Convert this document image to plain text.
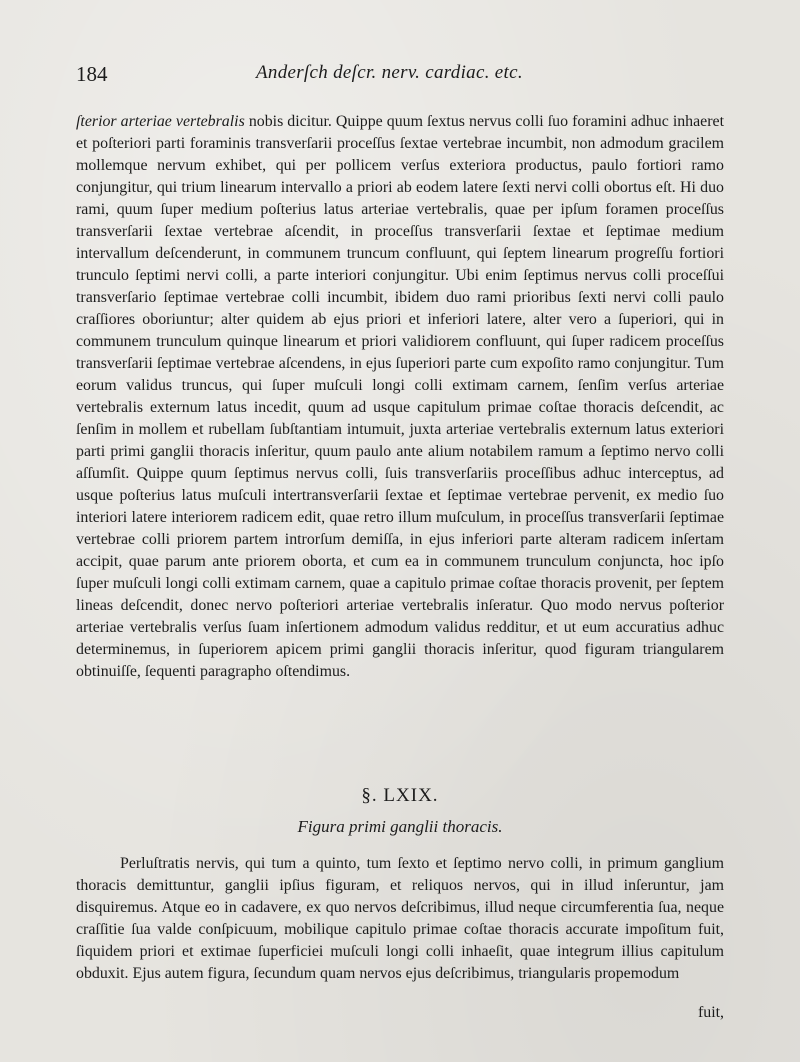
184	Anderſch deſcr. nerv. cardiac. etc.

ſterior arteriae vertebralis nobis dicitur. Quippe quum ſextus nervus colli ſuo foramini adhuc inhaeret et poſteriori parti foraminis transverſarii proceſſus ſextae vertebrae incumbit, non admodum gracilem mollemque nervum exhibet, qui per pollicem verſus exteriora productus, paulo fortiori ramo conjungitur, qui trium linearum intervallo a priori ab eodem latere ſexti nervi colli obortus eſt. Hi duo rami, quum ſuper medium poſterius latus arteriae vertebralis, quae per ipſum foramen proceſſus transverſarii ſextae vertebrae aſcendit, in proceſſus transverſarii ſextae et ſeptimae medium intervallum deſcenderunt, in communem truncum confluunt, qui ſeptem linearum progreſſu fortiori trunculo ſeptimi nervi colli, a parte interiori conjungitur. Ubi enim ſeptimus nervus colli proceſſui transverſario ſeptimae vertebrae colli incumbit, ibidem duo rami prioribus ſexti nervi colli paulo craſſiores oboriuntur; alter quidem ab ejus priori et inferiori latere, alter vero a ſuperiori, qui in communem trunculum quinque linearum et priori validiorem confluunt, qui ſuper radicem proceſſus transverſarii ſeptimae vertebrae aſcendens, in ejus ſuperiori parte cum expoſito ramo conjungitur. Tum eorum validus truncus, qui ſuper muſculi longi colli extimam carnem, ſenſim verſus arteriae vertebralis externum latus incedit, quum ad usque capitulum primae coſtae thoracis deſcendit, ac ſenſim in mollem et rubellam ſubſtantiam intumuit, juxta arteriae vertebralis externum latus exteriori parti primi ganglii thoracis inſeritur, quum paulo ante alium notabilem ramum a ſeptimo nervo colli aſſumſit. Quippe quum ſeptimus nervus colli, ſuis transverſariis proceſſibus adhuc interceptus, ad usque poſterius latus muſculi intertransverſarii ſextae et ſeptimae vertebrae pervenit, ex medio ſuo interiori latere interiorem radicem edit, quae retro illum muſculum, in proceſſus transverſarii ſeptimae vertebrae colli priorem partem introrſum demiſſa, in ejus inferiori parte alteram radicem inſertam accipit, quae parum ante priorem oborta, et cum ea in communem trunculum conjuncta, hoc ipſo ſuper muſculi longi colli extimam carnem, quae a capitulo primae coſtae thoracis provenit, per ſeptem lineas deſcendit, donec nervo poſteriori arteriae vertebralis inſeratur. Quo modo nervus poſterior arteriae vertebralis verſus ſuam inſertionem admodum validus redditur, et ut eum accuratius adhuc determinemus, in ſuperiorem apicem primi ganglii thoracis inſeritur, quod figuram triangularem obtinuiſſe, ſequenti paragrapho oſtendimus.

§. LXIX.
Figura primi ganglii thoracis.

Perluſtratis nervis, qui tum a quinto, tum ſexto et ſeptimo nervo colli, in primum ganglium thoracis demittuntur, ganglii ipſius figuram, et reliquos nervos, qui in illud inſeruntur, jam disquiremus. Atque eo in cadavere, ex quo nervos deſcribimus, illud neque circumferentia ſua, neque craſſitie ſua valde conſpicuum, mobilique capitulo primae coſtae thoracis accurate impoſitum fuit, ſiquidem priori et extimae ſuperficiei muſculi longi colli inhaeſit, quae integrum illius capitulum obduxit. Ejus autem figura, ſecundum quam nervos ejus deſcribimus, triangularis propemodum

fuit,
